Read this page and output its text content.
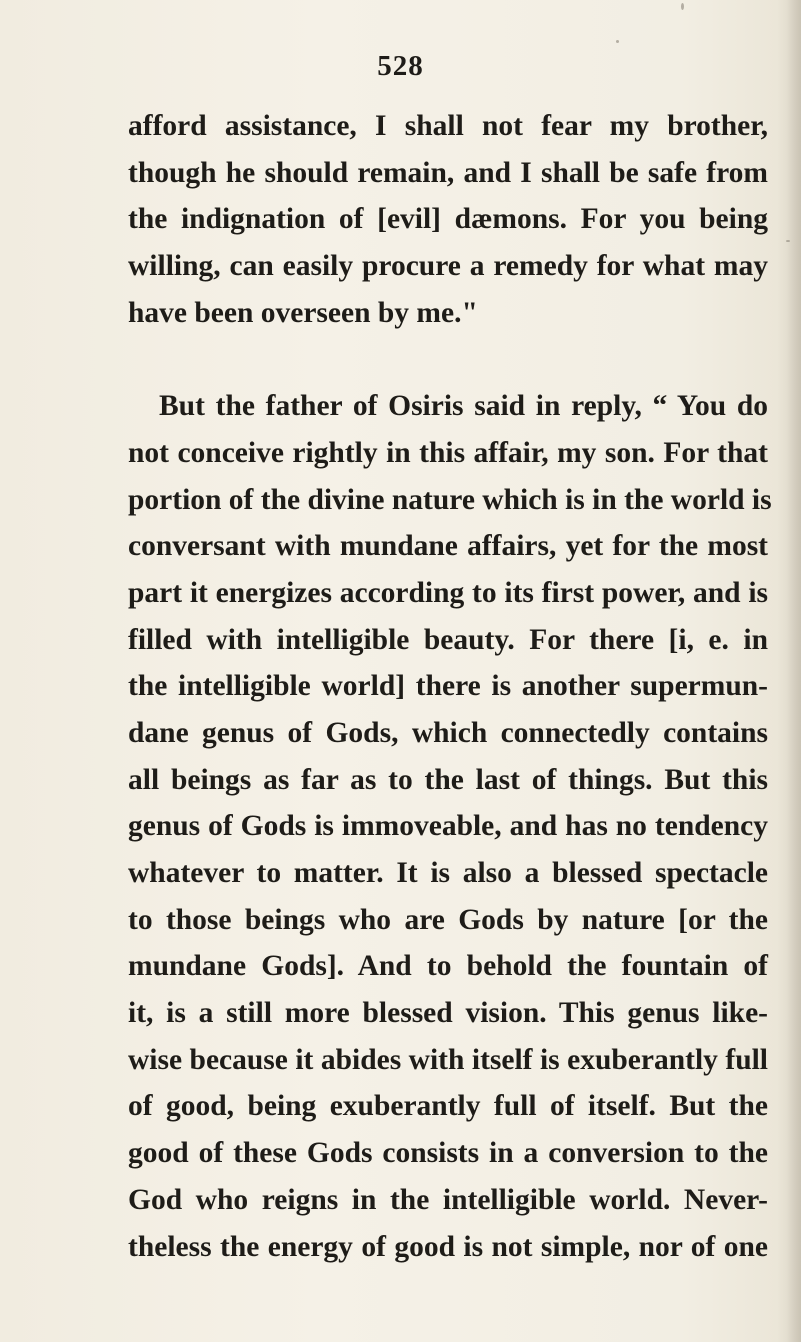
528
afford assistance, I shall not fear my brother,
though he should remain, and I shall be safe from
the indignation of [evil] dæmons. For you being
willing, can easily procure a remedy for what may
have been overseen by me."
But the father of Osiris said in reply, “ You do
not conceive rightly in this affair, my son. For that
portion of the divine nature which is in the world is
conversant with mundane affairs, yet for the most
part it energizes according to its first power, and is
filled with intelligible beauty. For there [i, e. in
the intelligible world] there is another supermun-
dane genus of Gods, which connectedly contains
all beings as far as to the last of things. But this
genus of Gods is immoveable, and has no tendency
whatever to matter. It is also a blessed spectacle
to those beings who are Gods by nature [or the
mundane Gods]. And to behold the fountain of
it, is a still more blessed vision. This genus like-
wise because it abides with itself is exuberantly full
of good, being exuberantly full of itself. But the
good of these Gods consists in a conversion to the
God who reigns in the intelligible world. Never-
theless the energy of good is not simple, nor of one
